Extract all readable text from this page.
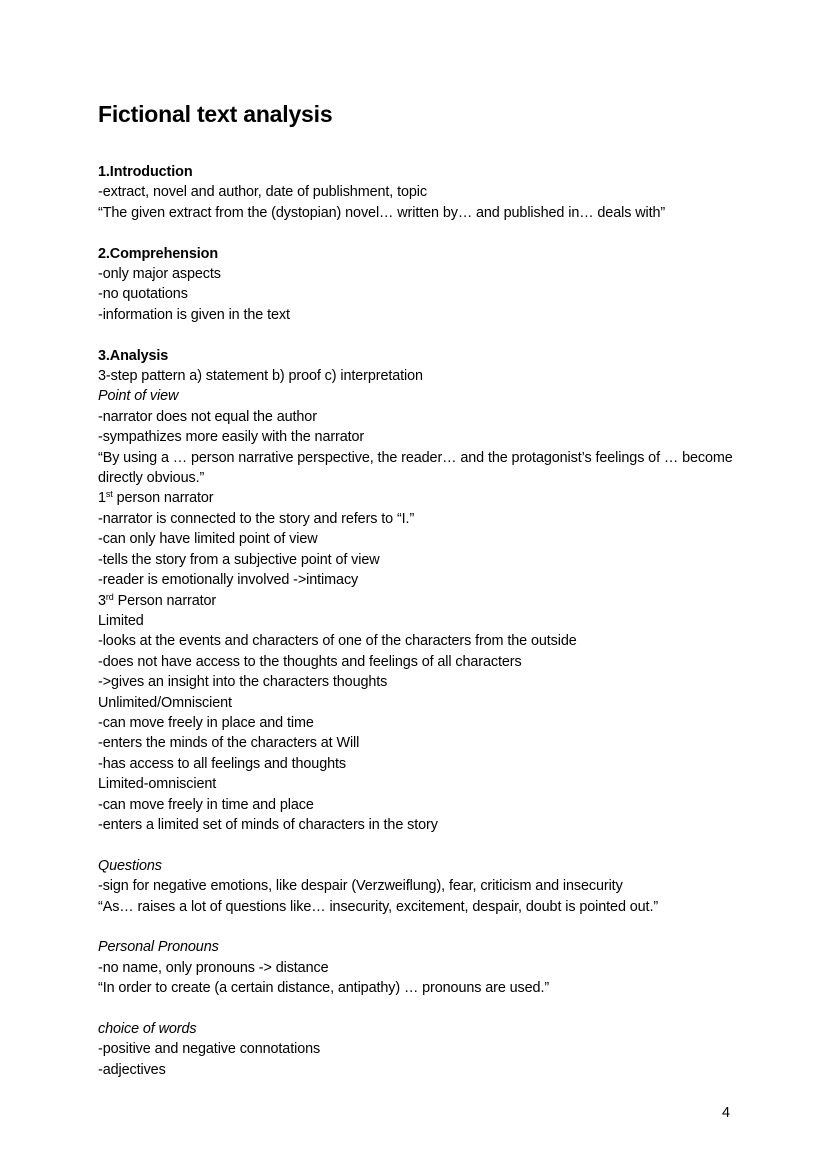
Fictional text analysis
1.Introduction
-extract, novel and author, date of publishment, topic
“The given extract from the (dystopian) novel… written by… and published in… deals with”
2.Comprehension
-only major aspects
-no quotations
-information is given in the text
3.Analysis
3-step pattern a) statement b) proof c) interpretation
Point of view
-narrator does not equal the author
-sympathizes more easily with the narrator
“By using a … person narrative perspective, the reader… and the protagonist’s feelings of … become directly obvious.”
1st person narrator
-narrator is connected to the story and refers to “I.”
-can only have limited point of view
-tells the story from a subjective point of view
-reader is emotionally involved ->intimacy
3rd Person narrator
Limited
-looks at the events and characters of one of the characters from the outside
-does not have access to the thoughts and feelings of all characters
->gives an insight into the characters thoughts
Unlimited/Omniscient
-can move freely in place and time
-enters the minds of the characters at Will
-has access to all feelings and thoughts
Limited-omniscient
-can move freely in time and place
-enters a limited set of minds of characters in the story
Questions
-sign for negative emotions, like despair (Verzweiflung), fear, criticism and insecurity
“As… raises a lot of questions like… insecurity, excitement, despair, doubt is pointed out.”
Personal Pronouns
-no name, only pronouns -> distance
“In order to create (a certain distance, antipathy) … pronouns are used.”
choice of words
-positive and negative connotations
-adjectives
4
